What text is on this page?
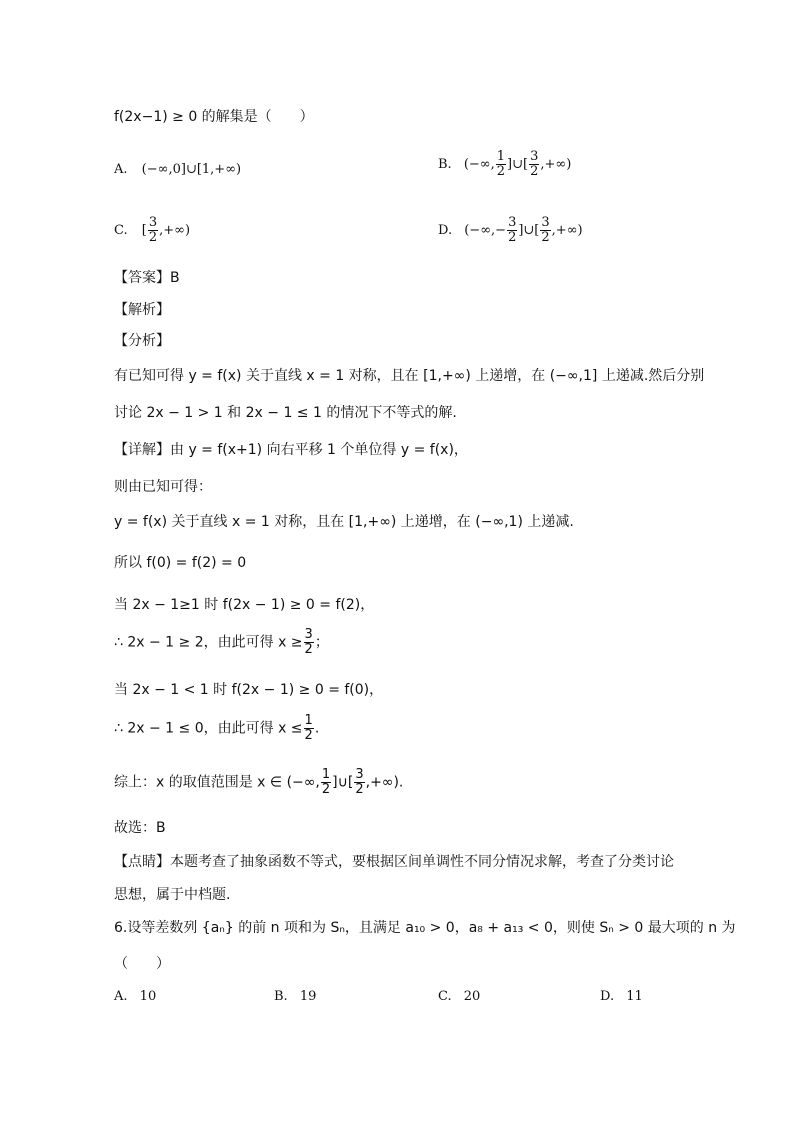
f(2x−1) ≥ 0 的解集是（　　）
A. (−∞,0]∪[1,+∞)	B. (−∞, $\frac{1}{2}$ ]∪[ $\frac{3}{2}$ ,+∞)
C. [ $\frac{3}{2}$ ,+∞)	D. (−∞,− $\frac{3}{2}$ ]∪[ $\frac{3}{2}$ ,+∞)
【答案】B
【解析】
【分析】
有已知可得 y = f(x) 关于直线 x = 1 对称，且在 [1,+∞) 上递增，在 (−∞,1] 上递减.然后分别
讨论 2x − 1 > 1 和 2x − 1 ≤ 1 的情况下不等式的解.
【详解】由 y = f(x+1) 向右平移 1 个单位得 y = f(x)，
则由已知可得：
y = f(x) 关于直线 x = 1 对称，且在 [1,+∞) 上递增，在 (−∞,1) 上递减.
所以 f(0) = f(2) = 0
当 2x − 1≥1 时 f(2x − 1) ≥ 0 = f(2)，
∴ 2x − 1 ≥ 2，由此可得 $x \ge \frac{3}{2}$ ；
当 2x − 1 < 1 时 f(2x − 1) ≥ 0 = f(0)，
∴ 2x − 1 ≤ 0，由此可得 $x \le \frac{1}{2}$ .
综上：x 的取值范围是 x ∈ (−∞, $\frac{1}{2}$ ]∪[ $\frac{3}{2}$ ,+∞).
故选：B
【点睛】本题考查了抽象函数不等式，要根据区间单调性不同分情况求解，考查了分类讨论
思想，属于中档题.
6.设等差数列 {aₙ} 的前 n 项和为 Sₙ，且满足 a₁₀ > 0，a₈ + a₁₃ < 0，则使 Sₙ > 0 最大项的 n 为
（　　）
A. 10	B. 19	C. 20	D. 11
